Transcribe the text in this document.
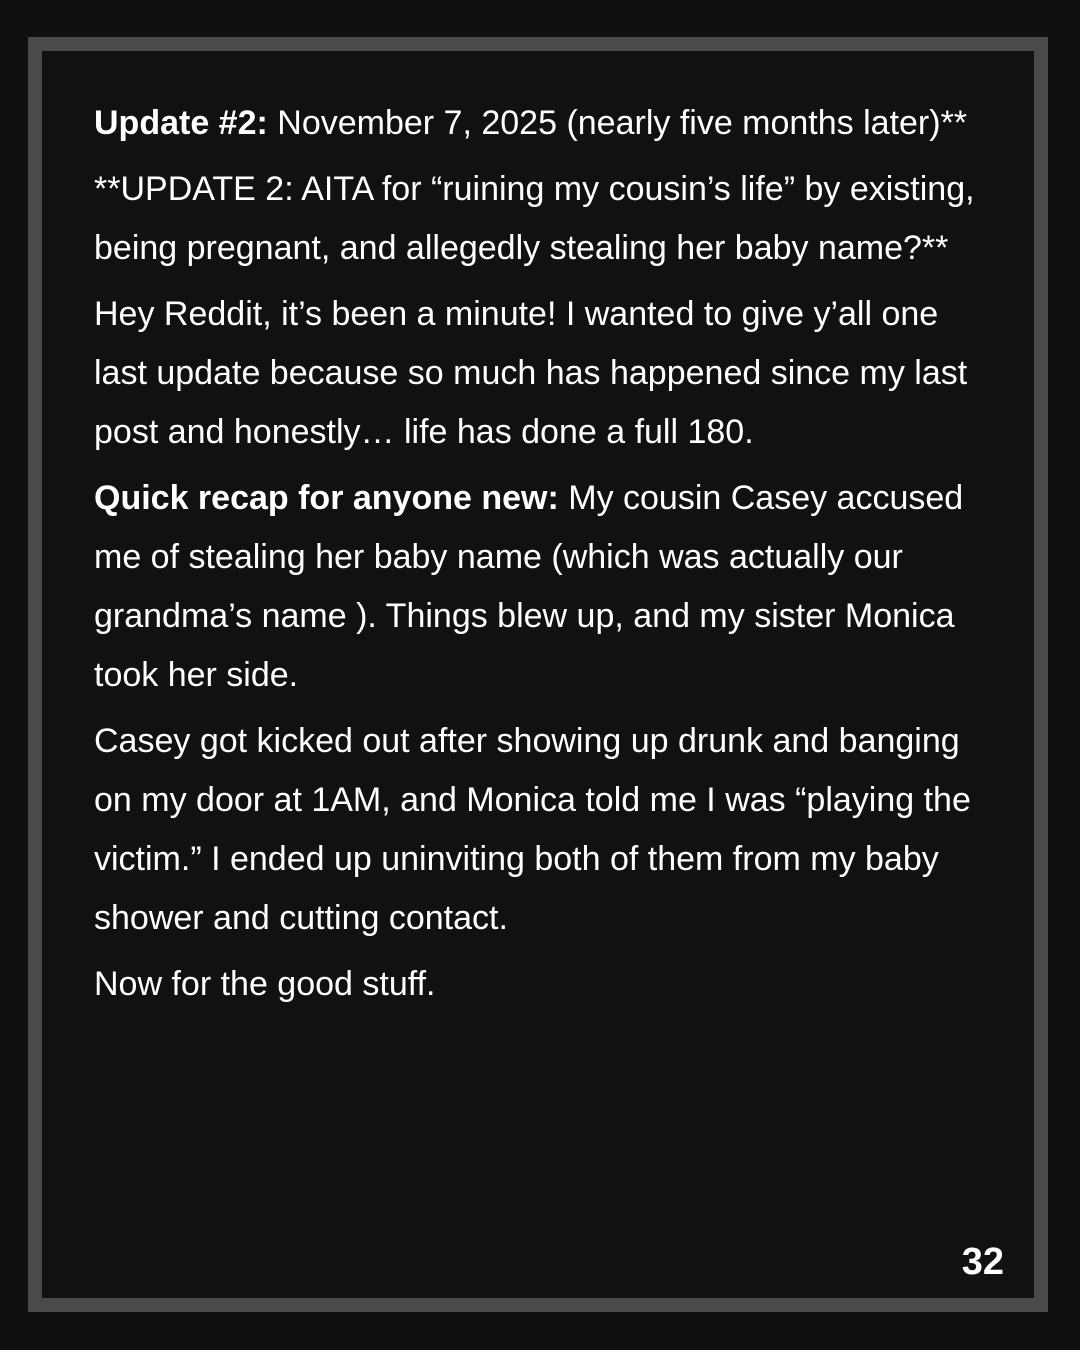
Update #2: November 7, 2025 (nearly five months later)**

**UPDATE 2: AITA for “ruining my cousin’s life” by existing, being pregnant, and allegedly stealing her baby name?**

Hey Reddit, it’s been a minute! I wanted to give y’all one last update because so much has happened since my last post and honestly… life has done a full 180.

Quick recap for anyone new: My cousin Casey accused me of stealing her baby name (which was actually our grandma’s name ). Things blew up, and my sister Monica took her side.

Casey got kicked out after showing up drunk and banging on my door at 1AM, and Monica told me I was “playing the victim.” I ended up uninviting both of them from my baby shower and cutting contact.

Now for the good stuff.

32
